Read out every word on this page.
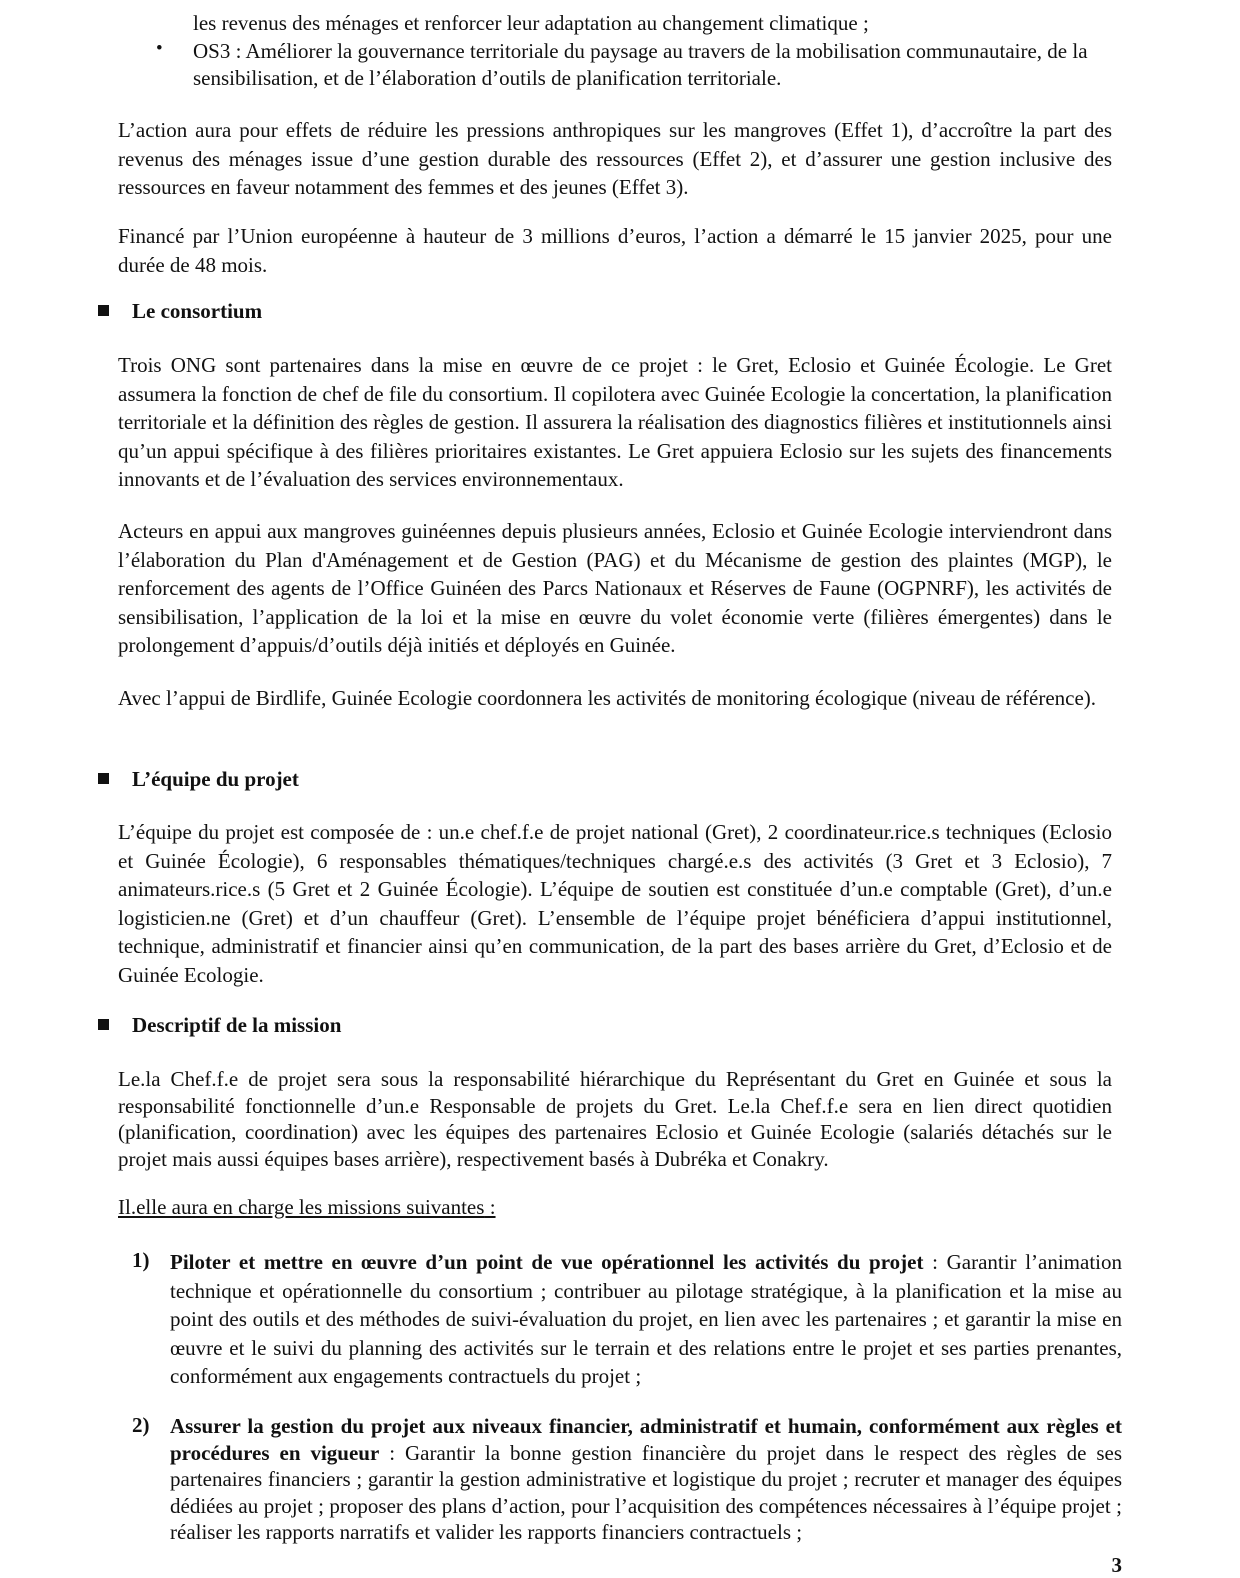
les revenus des ménages et renforcer leur adaptation au changement climatique ;
• OS3 : Améliorer la gouvernance territoriale du paysage au travers de la mobilisation communautaire, de la sensibilisation, et de l’élaboration d’outils de planification territoriale.

L’action aura pour effets de réduire les pressions anthropiques sur les mangroves (Effet 1), d’accroître la part des revenus des ménages issue d’une gestion durable des ressources (Effet 2), et d’assurer une gestion inclusive des ressources en faveur notamment des femmes et des jeunes (Effet 3).

Financé par l’Union européenne à hauteur de 3 millions d’euros, l’action a démarré le 15 janvier 2025, pour une durée de 48 mois.

Le consortium

Trois ONG sont partenaires dans la mise en œuvre de ce projet : le Gret, Eclosio et Guinée Écologie. Le Gret assumera la fonction de chef de file du consortium. Il copilotera avec Guinée Ecologie la concertation, la planification territoriale et la définition des règles de gestion. Il assurera la réalisation des diagnostics filières et institutionnels ainsi qu’un appui spécifique à des filières prioritaires existantes. Le Gret appuiera Eclosio sur les sujets des financements innovants et de l’évaluation des services environnementaux.

Acteurs en appui aux mangroves guinéennes depuis plusieurs années, Eclosio et Guinée Ecologie interviendront dans l’élaboration du Plan d'Aménagement et de Gestion (PAG) et du Mécanisme de gestion des plaintes (MGP), le renforcement des agents de l’Office Guinéen des Parcs Nationaux et Réserves de Faune (OGPNRF), les activités de sensibilisation, l’application de la loi et la mise en œuvre du volet économie verte (filières émergentes) dans le prolongement d’appuis/d’outils déjà initiés et déployés en Guinée.

Avec l’appui de Birdlife, Guinée Ecologie coordonnera les activités de monitoring écologique (niveau de référence).

L’équipe du projet

L’équipe du projet est composée de : un.e chef.f.e de projet national (Gret), 2 coordinateur.rice.s techniques (Eclosio et Guinée Écologie), 6 responsables thématiques/techniques chargé.e.s des activités (3 Gret et 3 Eclosio), 7 animateurs.rice.s (5 Gret et 2 Guinée Écologie). L’équipe de soutien est constituée d’un.e comptable (Gret), d’un.e logisticien.ne (Gret) et d’un chauffeur (Gret). L’ensemble de l’équipe projet bénéficiera d’appui institutionnel, technique, administratif et financier ainsi qu’en communication, de la part des bases arrière du Gret, d’Eclosio et de Guinée Ecologie.

Descriptif de la mission

Le.la Chef.f.e de projet sera sous la responsabilité hiérarchique du Représentant du Gret en Guinée et sous la responsabilité fonctionnelle d’un.e Responsable de projets du Gret. Le.la Chef.f.e sera en lien direct quotidien (planification, coordination) avec les équipes des partenaires Eclosio et Guinée Ecologie (salariés détachés sur le projet mais aussi équipes bases arrière), respectivement basés à Dubréka et Conakry.

Il.elle aura en charge les missions suivantes :
1) Piloter et mettre en œuvre d’un point de vue opérationnel les activités du projet : Garantir l’animation technique et opérationnelle du consortium ; contribuer au pilotage stratégique, à la planification et la mise au point des outils et des méthodes de suivi-évaluation du projet, en lien avec les partenaires ; et garantir la mise en œuvre et le suivi du planning des activités sur le terrain et des relations entre le projet et ses parties prenantes, conformément aux engagements contractuels du projet ;

2) Assurer la gestion du projet aux niveaux financier, administratif et humain, conformément aux règles et procédures en vigueur : Garantir la bonne gestion financière du projet dans le respect des règles de ses partenaires financiers ; garantir la gestion administrative et logistique du projet ; recruter et manager des équipes dédiées au projet ; proposer des plans d’action, pour l’acquisition des compétences nécessaires à l’équipe projet ; réaliser les rapports narratifs et valider les rapports financiers contractuels ;

3
